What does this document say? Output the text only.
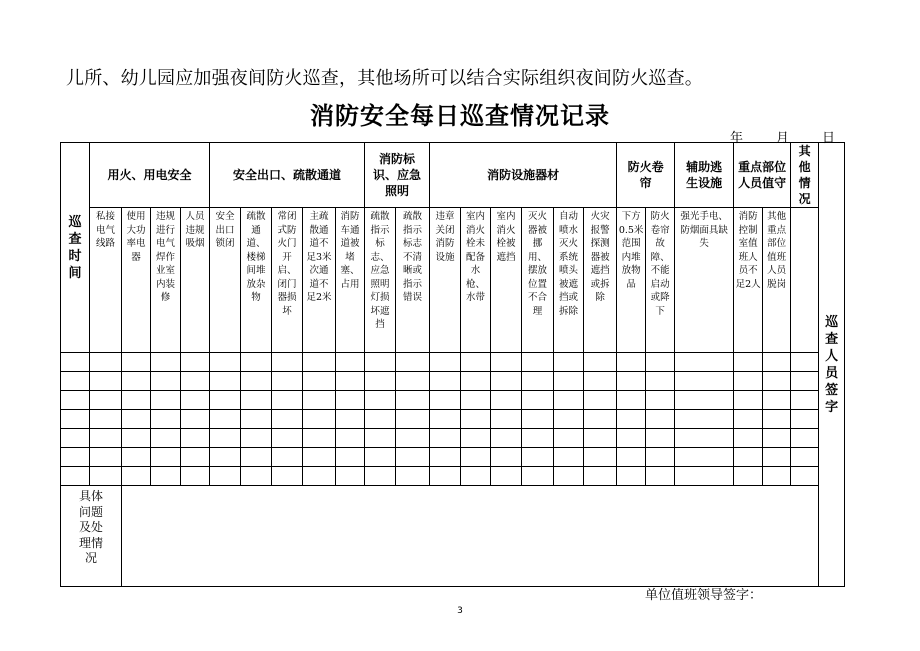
儿所、幼儿园应加强夜间防火巡查，其他场所可以结合实际组织夜间防火巡查。
消防安全每日巡查情况记录
年	月	日
巡查时间	用火、用电安全				安全出口、疏散通道					消防标识、应急照明		消防设施器材						防火卷帘		辅助逃生设施	重点部位人员值守		其他情况	巡查人员签字

	私接电气线路	使用大功率电器	违规进行电气焊作业室内装修	人员违规吸烟	安全出口锁闭	疏散通道、楼梯间堆放杂物	常闭式防火门开启、闭门器损坏	主疏散通道不足3米次通道不足2米	消防车通道被堵塞、占用	疏散指示标志、应急照明灯损坏遮挡	疏散指示标志不清晰或指示错误	违章关闭消防设施	室内消火栓未配备水枪、水带	室内消火栓被遮挡	灭火器被挪用、摆放位置不合理	自动喷水灭火系统喷头被遮挡或拆除	火灾报警探测器被遮挡或拆除	下方0.5米范围内堆放物品	防火卷帘故障、不能启动或降下	强光手电、防烟面具缺失	消防控制室值班人员不足2人	其他重点部位值班人员脱岗		

具体问题及处理情况																								

单位值班领导签字：
3
